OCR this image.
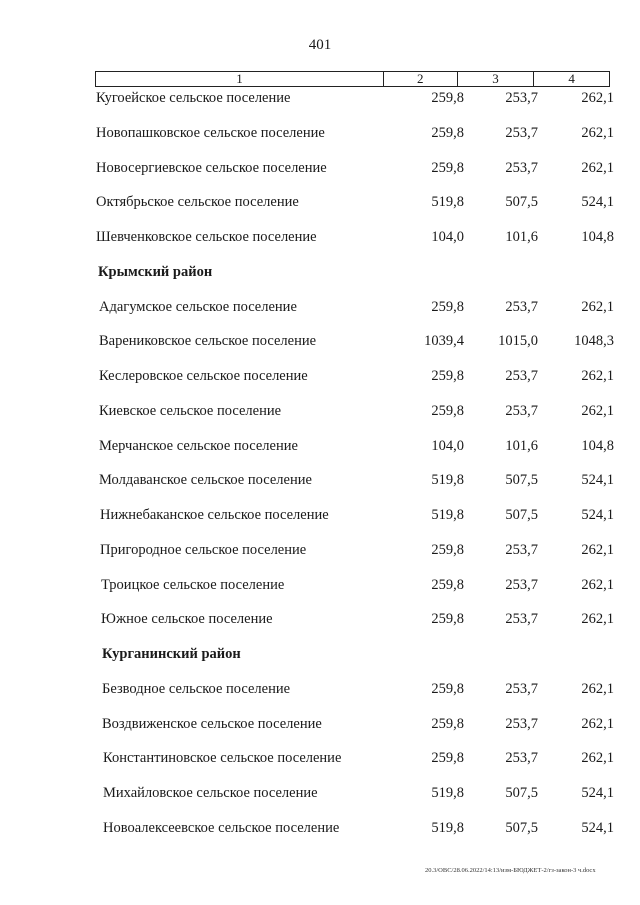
401
1	2	3	4
Кугоейское сельское поселение	259,8	253,7	262,1
Новопашковское сельское поселение	259,8	253,7	262,1
Новосергиевское сельское поселение	259,8	253,7	262,1
Октябрьское сельское поселение	519,8	507,5	524,1
Шевченковское сельское поселение	104,0	101,6	104,8
Крымский район
Адагумское сельское поселение	259,8	253,7	262,1
Варениковское сельское поселение	1039,4 1015,0 1048,3
Кеслеровское сельское поселение	259,8	253,7	262,1
Киевское сельское поселение	259,8	253,7	262,1
Мерчанское сельское поселение	104,0	101,6	104,8
Молдаванское сельское поселение	519,8	507,5	524,1
Нижнебаканское сельское поселение	519,8	507,5	524,1
Пригородное сельское поселение	259,8	253,7	262,1
Троицкое сельское поселение	259,8	253,7	262,1
Южное сельское поселение	259,8	253,7	262,1
Курганинский район
Безводное сельское поселение	259,8	253,7	262,1
Воздвиженское сельское поселение	259,8	253,7	262,1
Константиновское сельское поселение	259,8	253,7	262,1
Михайловское сельское поселение	519,8	507,5	524,1
Новоалексеевское сельское поселение	519,8	507,5	524,1
20.3/ОВС/28.06.2022/14:13/изм-БЮДЖЕТ-2/гз-закон-3 ч.docx
